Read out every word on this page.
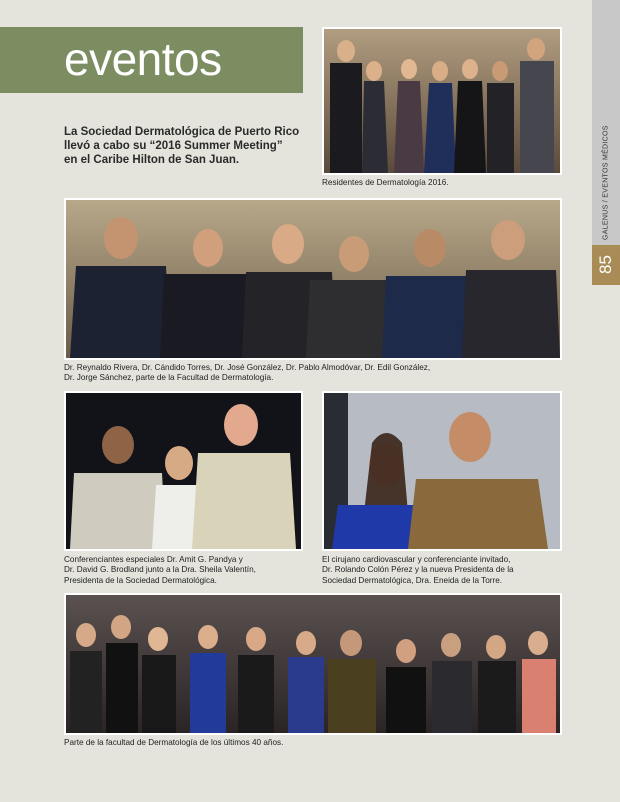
eventos
La Sociedad Dermatológica de Puerto Rico
llevó a cabo su “2016 Summer Meeting”
en el Caribe Hilton de San Juan.	GALENUS / EVENTOS MÉDICOS
85
Residentes de Dermatología 2016.
Dr. Reynaldo Rivera, Dr. Cándido Torres, Dr. José González, Dr. Pablo Almodóvar, Dr. Edil González,
Dr. Jorge Sánchez, parte de la Facultad de Dermatología.
Conferenciantes especiales Dr. Amit G. Pandya y
Dr. David G. Brodland junto a la Dra. Sheila Valentín,
Presidenta de la Sociedad Dermatológica.
El cirujano cardiovascular y conferenciante invitado,
Dr. Rolando Colón Pérez y la nueva Presidenta de la
Sociedad Dermatológica, Dra. Eneida de la Torre.
Parte de la facultad de Dermatología de los últimos 40 años.
